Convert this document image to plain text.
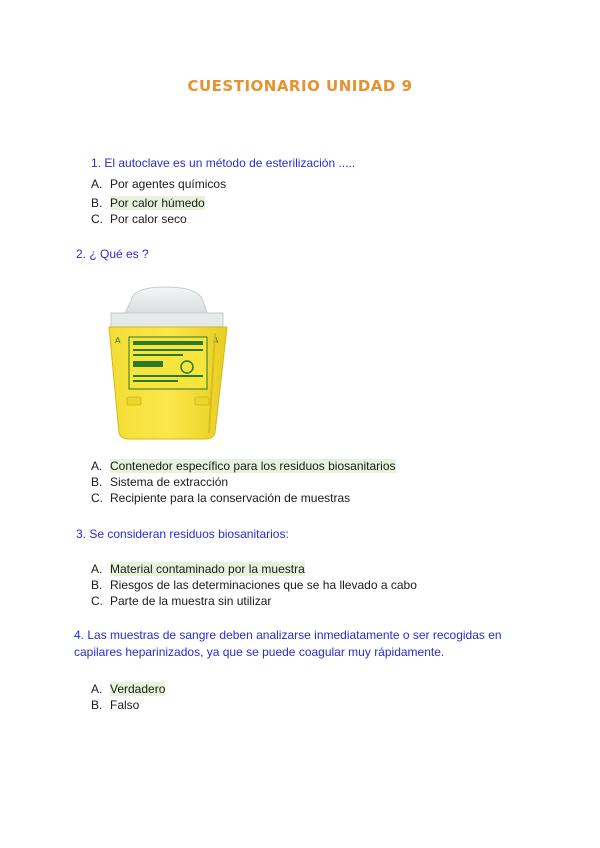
CUESTIONARIO UNIDAD 9
1. El autoclave es un método de esterilización .....
A. Por agentes químicos
B. Por calor húmedo
C. Por calor seco
2. ¿ Qué es ?
A	A
A. Contenedor específico para los residuos biosanitarios
B. Sistema de extracción
C. Recipiente para la conservación de muestras
3. Se consideran residuos biosanitarios:
A. Material contaminado por la muestra
B. Riesgos de las determinaciones que se ha llevado a cabo
C. Parte de la muestra sin utilizar
4. Las muestras de sangre deben analizarse inmediatamente o ser recogidas en capilares heparinizados, ya que se puede coagular muy rápidamente.
A. Verdadero
B. Falso
